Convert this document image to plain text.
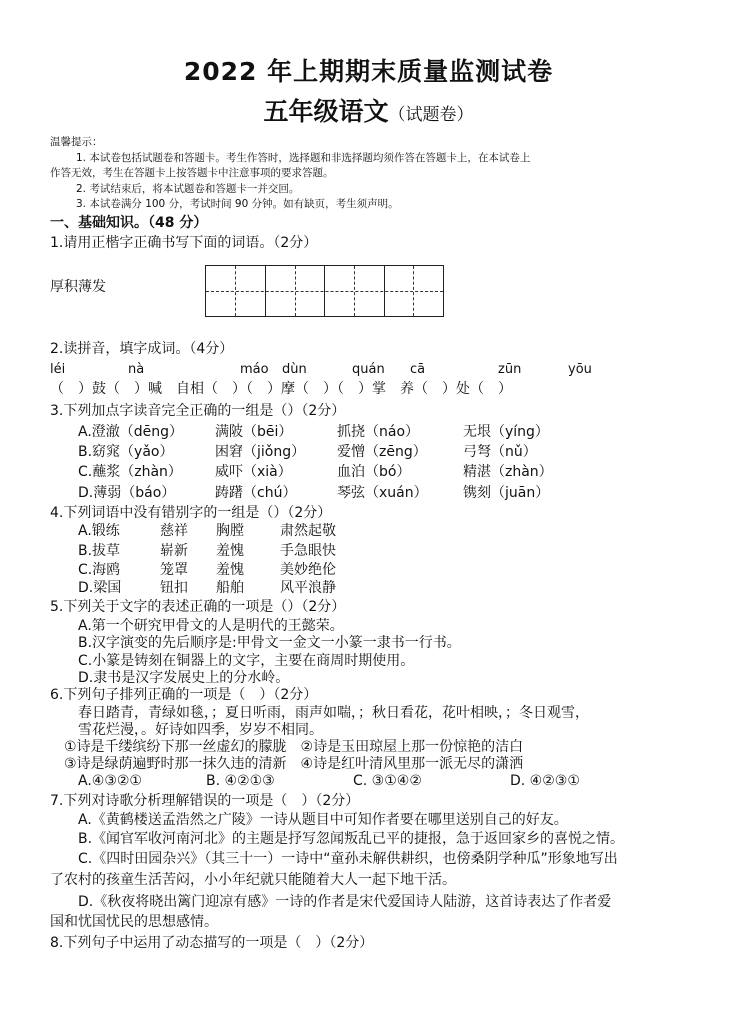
2022 年上期期末质量监测试卷
五年级语文（试题卷）
温馨提示：
1. 本试卷包括试题卷和答题卡。考生作答时，选择题和非选择题均须作答在答题卡上，在本试卷上
作答无效，考生在答题卡上按答题卡中注意事项的要求答题。
2. 考试结束后，将本试题卷和答题卡一并交回。
3. 本试卷满分 100 分，考试时间 90 分钟。如有缺页，考生须声明。
一、基础知识。（48 分）
1.请用正楷字正确书写下面的词语。（2分）
厚积薄发
2.读拼音，填字成词。（4分）
léi	nà	máo dùn	quán cā	zūn	yōu
（　）鼓（　）喊　自相（　）（　）摩（　）（　）掌　养（　）处（　）
3.下列加点字读音完全正确的一组是（）（2分）
A.澄澈（dēng） 满陂（bēi）	抓挠（náo）	无垠（yíng）
B.窈窕（yǎo）	困窘（jiǒng） 爱憎（zēng）	弓弩（nǔ）
C.蘸浆（zhàn） 威吓（xià）	血泊（bó）	精湛（zhàn）
D.薄弱（báo）	踌躇（chú）	琴弦（xuán）	镌刻（juān）
4.下列词语中没有错别字的一组是（）（2分）
A.锻练	慈祥 胸膛	肃然起敬
B.拔草	崭新 羞愧	手急眼快
C.海鸥	笼罩 羞愧	美妙绝伦
D.梁国	钮扣 船舶	风平浪静
5.下列关于文字的表述正确的一项是（）（2分）
A.第一个研究甲骨文的人是明代的王懿荣。
B.汉字演变的先后顺序是:甲骨文一金文一小篆一隶书一行书。
C.小篆是铸刻在铜器上的文字，主要在商周时期使用。
D.隶书是汉字发展史上的分水岭。
6.下列句子排列正确的一项是（　）（2分）
春日踏青，青绿如毯，；夏日听雨，雨声如喘，；秋日看花，花叶相映，；冬日观雪，
雪花烂漫，。好诗如四季，岁岁不相同。
①诗是千缕缤纷下那一丝虚幻的朦胧　②诗是玉田琼屋上那一份惊艳的洁白
③诗是绿荫遍野时那一抹久违的清新　④诗是红叶清风里那一派无尽的潇洒
A.④③②①	B. ④②①③	C. ③①④②	D. ④②③①
7.下列对诗歌分析理解错误的一项是（　）（2分）
A.《黄鹤楼送孟浩然之广陵》一诗从题目中可知作者要在哪里送别自己的好友。
B.《闻官军收河南河北》的主题是抒写忽闻叛乱已平的捷报，急于返回家乡的喜悦之情。
C.《四时田园杂兴》（其三十一）一诗中“童孙未解供耕织，也傍桑阴学种瓜”形象地写出
了农村的孩童生活苦闷，小小年纪就只能随着大人一起下地干活。
D.《秋夜将晓出篱门迎凉有感》一诗的作者是宋代爱国诗人陆游，这首诗表达了作者爱
国和忧国忧民的思想感情。
8.下列句子中运用了动态描写的一项是（　）（2分）
